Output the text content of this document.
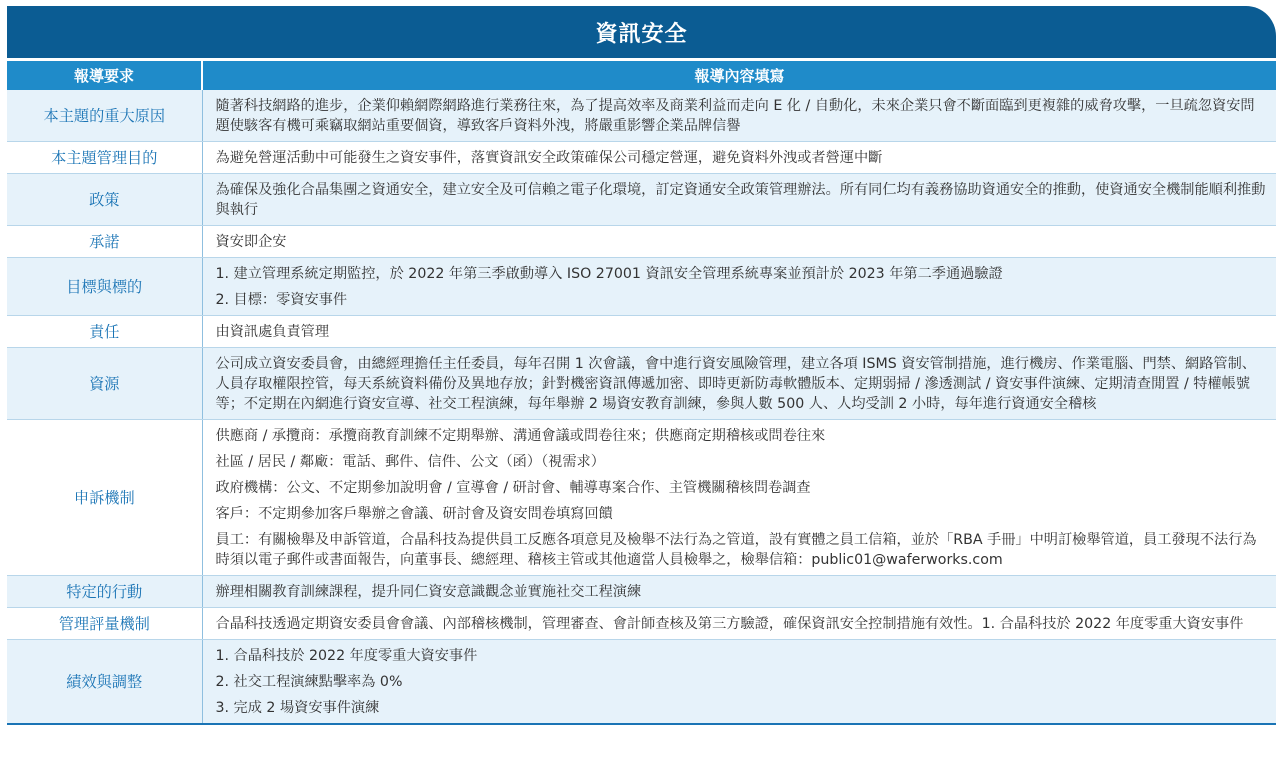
資訊安全
報導要求	報導內容填寫
本主題的重大原因	隨著科技網路的進步，企業仰賴網際網路進行業務往來，為了提高效率及商業利益而走向 E 化 / 自動化，未來企業只會不斷面臨到更複雜的威脅攻擊，一旦疏忽資安問題使駭客有機可乘竊取網站重要個資，導致客戶資料外洩，將嚴重影響企業品牌信譽

本主題管理目的	為避免營運活動中可能發生之資安事件，落實資訊安全政策確保公司穩定營運，避免資料外洩或者營運中斷

政策	為確保及強化合晶集團之資通安全，建立安全及可信賴之電子化環境，訂定資通安全政策管理辦法。所有同仁均有義務協助資通安全的推動，使資通安全機制能順利推動與執行

承諾	資安即企安

目標與標的	1. 建立管理系統定期監控，於 2022 年第三季啟動導入 ISO 27001 資訊安全管理系統專案並預計於 2023 年第二季通過驗證
2. 目標：零資安事件

責任	由資訊處負責管理

資源	公司成立資安委員會，由總經理擔任主任委員，每年召開 1 次會議，會中進行資安風險管理，建立各項 ISMS 資安管制措施，進行機房、作業電腦、門禁、網路管制、人員存取權限控管，每天系統資料備份及異地存放；針對機密資訊傳遞加密、即時更新防毒軟體版本、定期弱掃 / 滲透測試 / 資安事件演練、定期清查閒置 / 特權帳號等；不定期在內網進行資安宣導、社交工程演練，每年舉辦 2 場資安教育訓練，參與人數 500 人、人均受訓 2 小時，每年進行資通安全稽核

申訴機制	供應商 / 承攬商：承攬商教育訓練不定期舉辦、溝通會議或問卷往來；供應商定期稽核或問卷往來
社區 / 居民 / 鄰廠：電話、郵件、信件、公文（函）（視需求）
政府機構：公文、不定期參加說明會 / 宣導會 / 研討會、輔導專案合作、主管機關稽核問卷調查
客戶：不定期參加客戶舉辦之會議、研討會及資安問卷填寫回饋
員工：有關檢舉及申訴管道，合晶科技為提供員工反應各項意見及檢舉不法行為之管道，設有實體之員工信箱，並於「RBA 手冊」中明訂檢舉管道，員工發現不法行為時須以電子郵件或書面報告，向董事長、總經理、稽核主管或其他適當人員檢舉之，檢舉信箱：public01@waferworks.com

特定的行動	辦理相關教育訓練課程，提升同仁資安意識觀念並實施社交工程演練

管理評量機制	合晶科技透過定期資安委員會會議、內部稽核機制，管理審查、會計師查核及第三方驗證，確保資訊安全控制措施有效性。1. 合晶科技於 2022 年度零重大資安事件

績效與調整	1. 合晶科技於 2022 年度零重大資安事件
2. 社交工程演練點擊率為 0%
3. 完成 2 場資安事件演練
